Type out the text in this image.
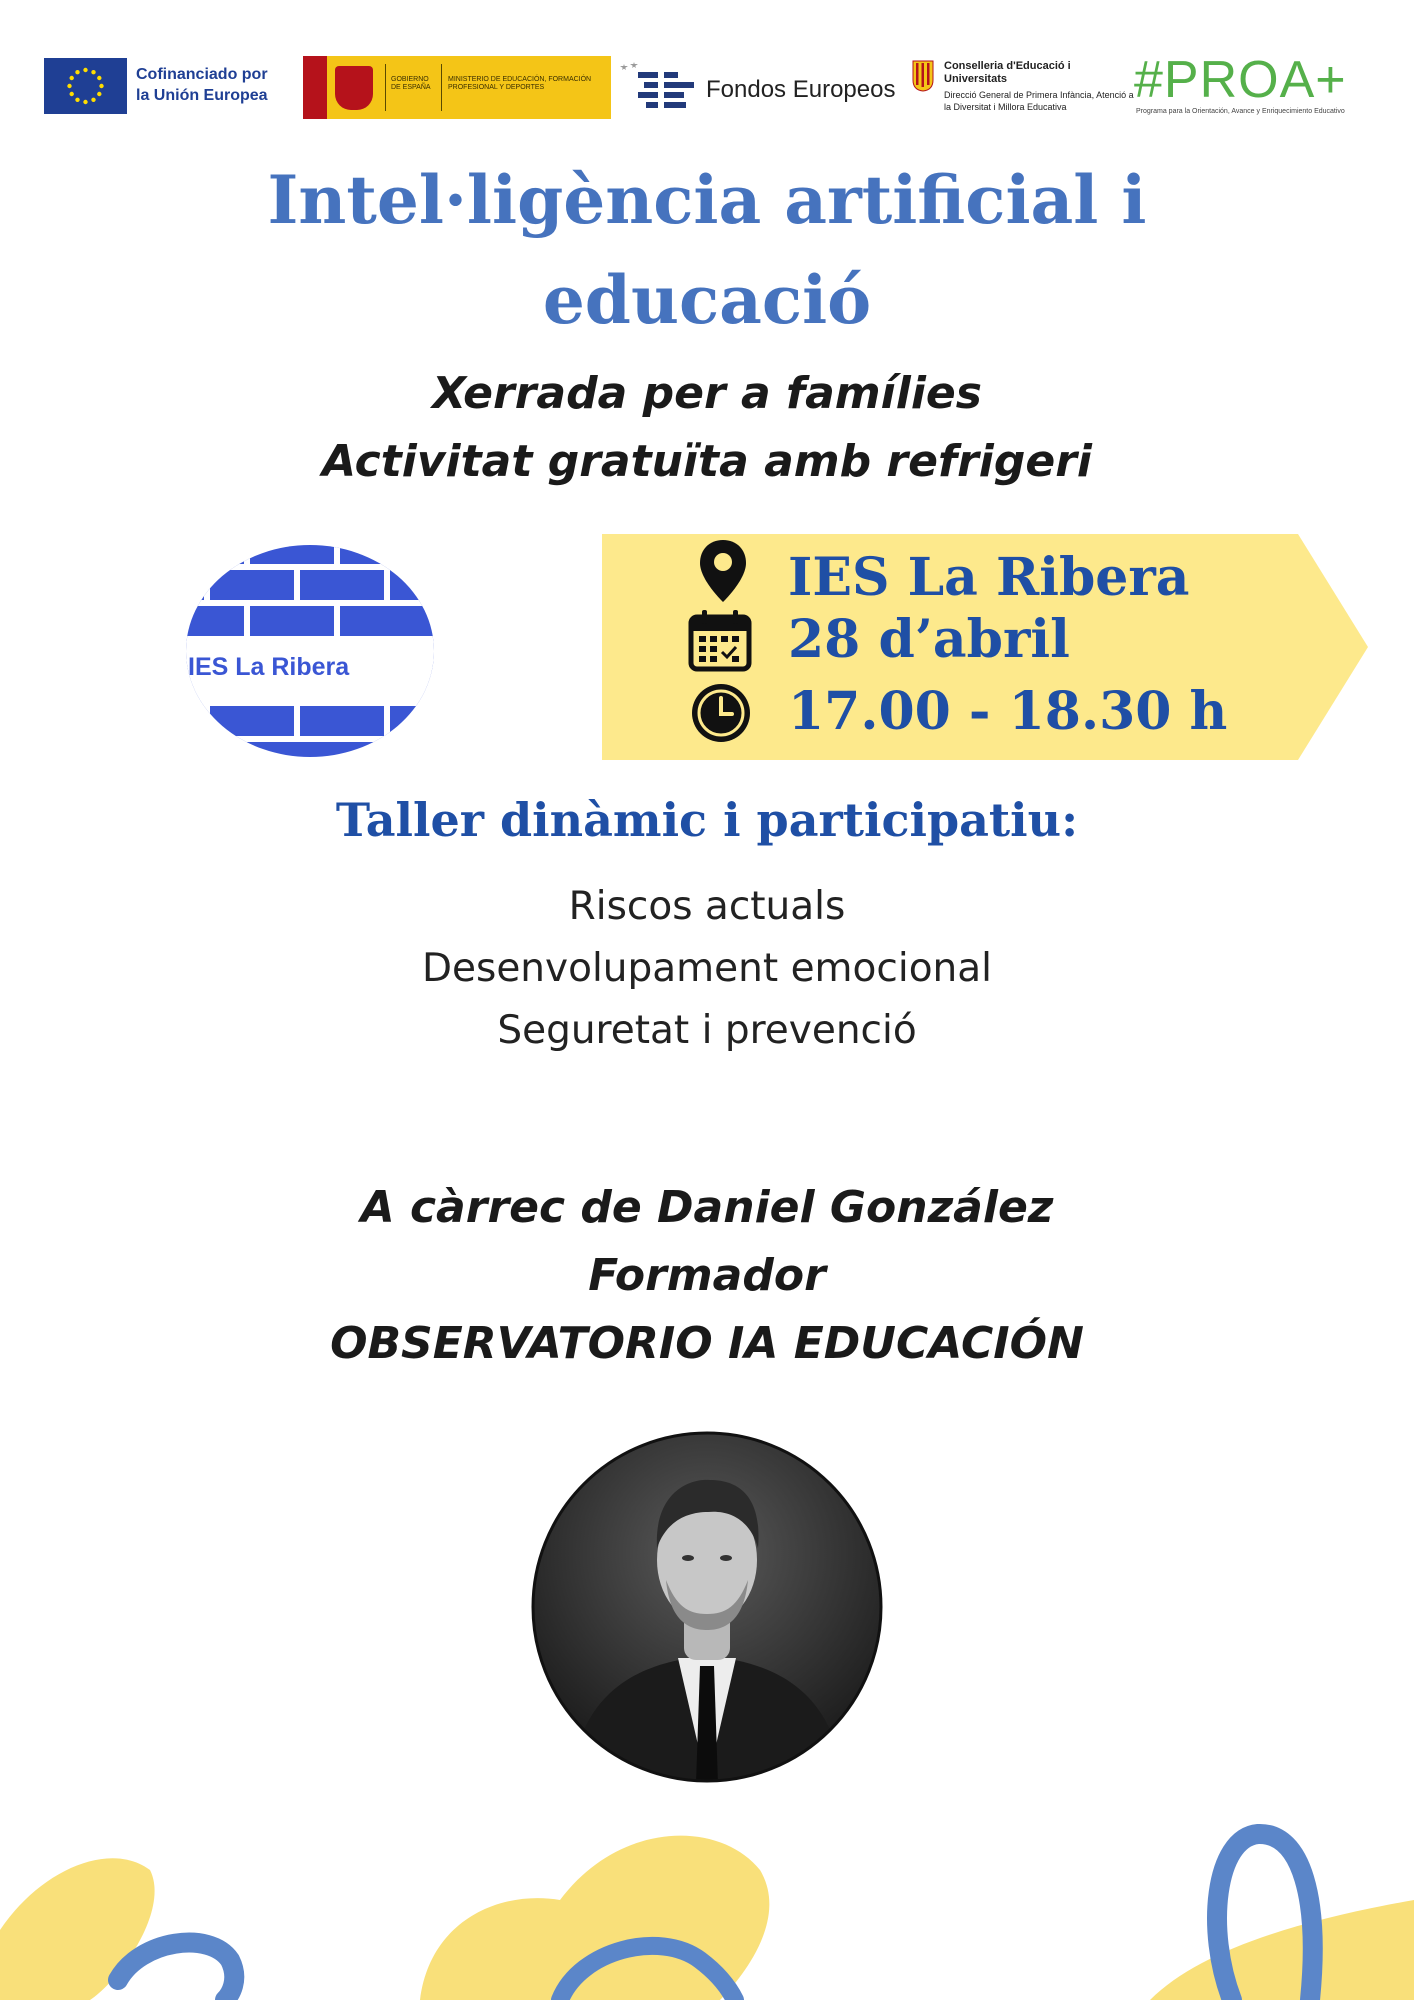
Cofinanciado por
la Unión Europea
GOBIERNO DE ESPAÑA
MINISTERIO DE EDUCACIÓN, FORMACIÓN PROFESIONAL Y DEPORTES	Fondos Europeos
Conselleria d'Educació i Universitats
Direcció General de Primera Infància, Atenció a la Diversitat i Millora Educativa	#PROA+
Programa para la Orientación, Avance y Enriquecimiento Educativo
Intel·ligència artificial i
educació
Xerrada per a famílies
Activitat gratuïta amb refrigeri
IES La Ribera
IES La Ribera
28 d’abril
17.00 - 18.30 h
Taller dinàmic i participatiu:
Riscos actuals
Desenvolupament emocional
Seguretat i prevenció
A càrrec de Daniel González
Formador
OBSERVATORIO IA EDUCACIÓN
